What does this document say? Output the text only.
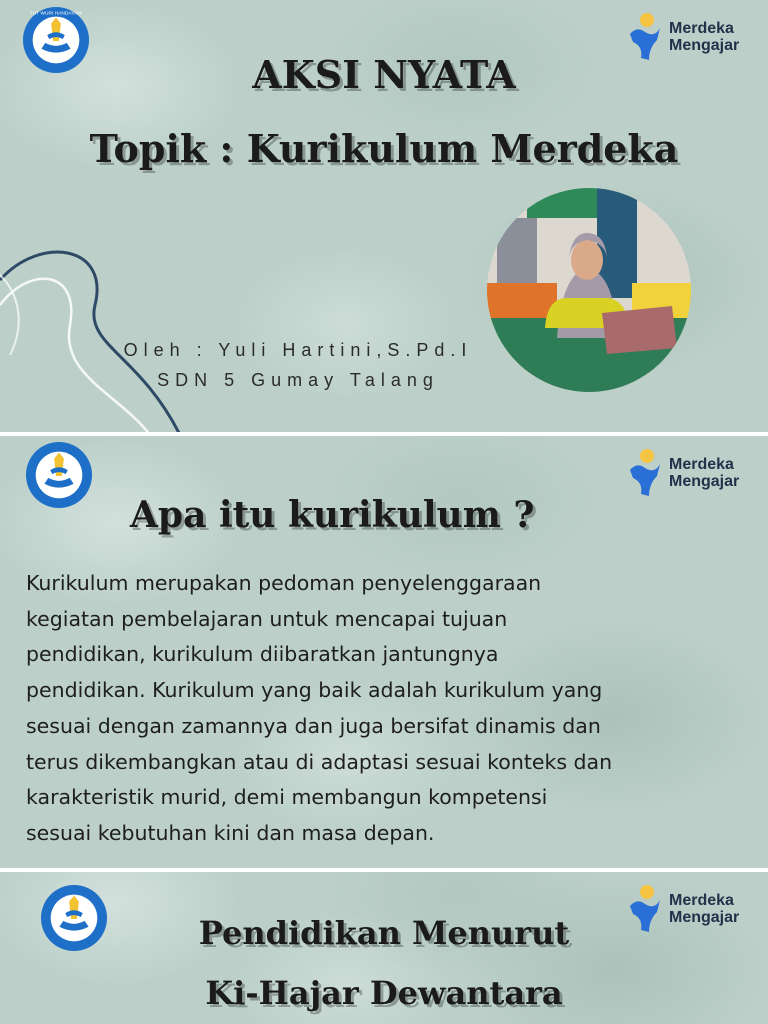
TUT WURI HANDAYANI
Merdeka
Mengajar
AKSI NYATA
Topik : Kurikulum Merdeka
Oleh : Yuli Hartini,S.Pd.I
SDN 5 Gumay Talang
Merdeka
Mengajar
Apa itu kurikulum ?
Kurikulum merupakan pedoman penyelenggaraan
kegiatan pembelajaran untuk mencapai tujuan
pendidikan, kurikulum diibaratkan jantungnya
pendidikan. Kurikulum yang baik adalah kurikulum yang
sesuai dengan zamannya dan juga bersifat dinamis dan
terus dikembangkan atau di adaptasi sesuai konteks dan
karakteristik murid, demi membangun kompetensi
sesuai kebutuhan kini dan masa depan.
Merdeka
Mengajar
Pendidikan Menurut
Ki-Hajar Dewantara
